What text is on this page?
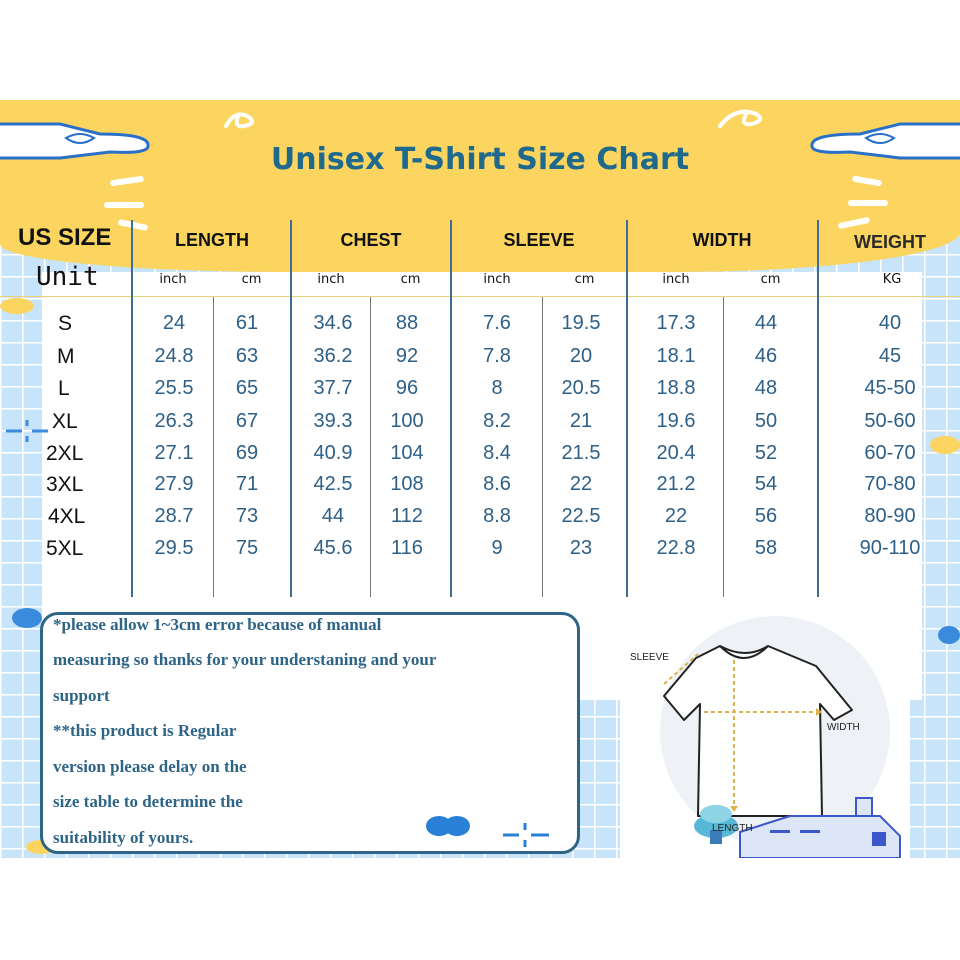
Unisex T-Shirt Size Chart
US SIZE	LENGTH	CHEST	SLEEVE	WIDTH	WEIGHT
Unit	inch	cm	inch	cm	inch	cm	inch	cm	KG
S	24	61	34.6	88	7.6	19.5	17.3	44	40
M	24.8	63	36.2	92	7.8	20	18.1	46	45
L	25.5	65	37.7	96	8	20.5	18.8	48	45-50
XL	26.3	67	39.3	100	8.2	21	19.6	50	50-60
2XL	27.1	69	40.9	104	8.4	21.5	20.4	52	60-70
3XL	27.9	71	42.5	108	8.6	22	21.2	54	70-80
4XL	28.7	73	44	112	8.8	22.5	22	56	80-90
5XL	29.5	75	45.6	116	9	23	22.8	58	90-110
*please allow 1~3cm error because of manual
measuring so thanks for your understaning and your
support
**this product is Regular
version please delay on the
size table to determine the
suitability of yours.
SLEEVE
WIDTH
LENGTH
